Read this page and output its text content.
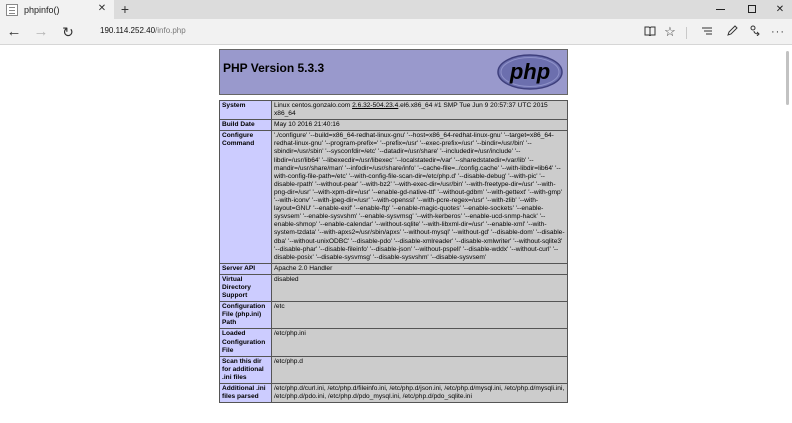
phpinfo()	✕ +	✕
← → ↻	190.114.252.40/info.php	☆	···
PHP Version 5.3.3	php
System	Linux centos.gonzalo.com 2.6.32-504.23.4.el6.x86_64 #1 SMP Tue Jun 9 20:57:37 UTC 2015 x86_64
Build Date	May 10 2016 21:40:16
Configure Command	'./configure' '--build=x86_64-redhat-linux-gnu' '--host=x86_64-redhat-linux-gnu' '--target=x86_64-redhat-linux-gnu' '--program-prefix=' '--prefix=/usr' '--exec-prefix=/usr' '--bindir=/usr/bin' '--sbindir=/usr/sbin' '--sysconfdir=/etc' '--datadir=/usr/share' '--includedir=/usr/include' '--libdir=/usr/lib64' '--libexecdir=/usr/libexec' '--localstatedir=/var' '--sharedstatedir=/var/lib' '--mandir=/usr/share/man' '--infodir=/usr/share/info' '--cache-file=../config.cache' '--with-libdir=lib64' '--with-config-file-path=/etc' '--with-config-file-scan-dir=/etc/php.d' '--disable-debug' '--with-pic' '--disable-rpath' '--without-pear' '--with-bz2' '--with-exec-dir=/usr/bin' '--with-freetype-dir=/usr' '--with-png-dir=/usr' '--with-xpm-dir=/usr' '--enable-gd-native-ttf' '--without-gdbm' '--with-gettext' '--with-gmp' '--with-iconv' '--with-jpeg-dir=/usr' '--with-openssl' '--with-pcre-regex=/usr' '--with-zlib' '--with-layout=GNU' '--enable-exif' '--enable-ftp' '--enable-magic-quotes' '--enable-sockets' '--enable-sysvsem' '--enable-sysvshm' '--enable-sysvmsg' '--with-kerberos' '--enable-ucd-snmp-hack' '--enable-shmop' '--enable-calendar' '--without-sqlite' '--with-libxml-dir=/usr' '--enable-xml' '--with-system-tzdata' '--with-apxs2=/usr/sbin/apxs' '--without-mysql' '--without-gd' '--disable-dom' '--disable-dba' '--without-unixODBC' '--disable-pdo' '--disable-xmlreader' '--disable-xmlwriter' '--without-sqlite3' '--disable-phar' '--disable-fileinfo' '--disable-json' '--without-pspell' '--disable-wddx' '--without-curl' '--disable-posix' '--disable-sysvmsg' '--disable-sysvshm' '--disable-sysvsem'
Server API	Apache 2.0 Handler
Virtual Directory Support	disabled
Configuration File (php.ini) Path	/etc
Loaded Configuration File	/etc/php.ini
Scan this dir for additional .ini files	/etc/php.d
Additional .ini files parsed	/etc/php.d/curl.ini, /etc/php.d/fileinfo.ini, /etc/php.d/json.ini, /etc/php.d/mysql.ini, /etc/php.d/mysqli.ini, /etc/php.d/pdo.ini, /etc/php.d/pdo_mysql.ini, /etc/php.d/pdo_sqlite.ini
